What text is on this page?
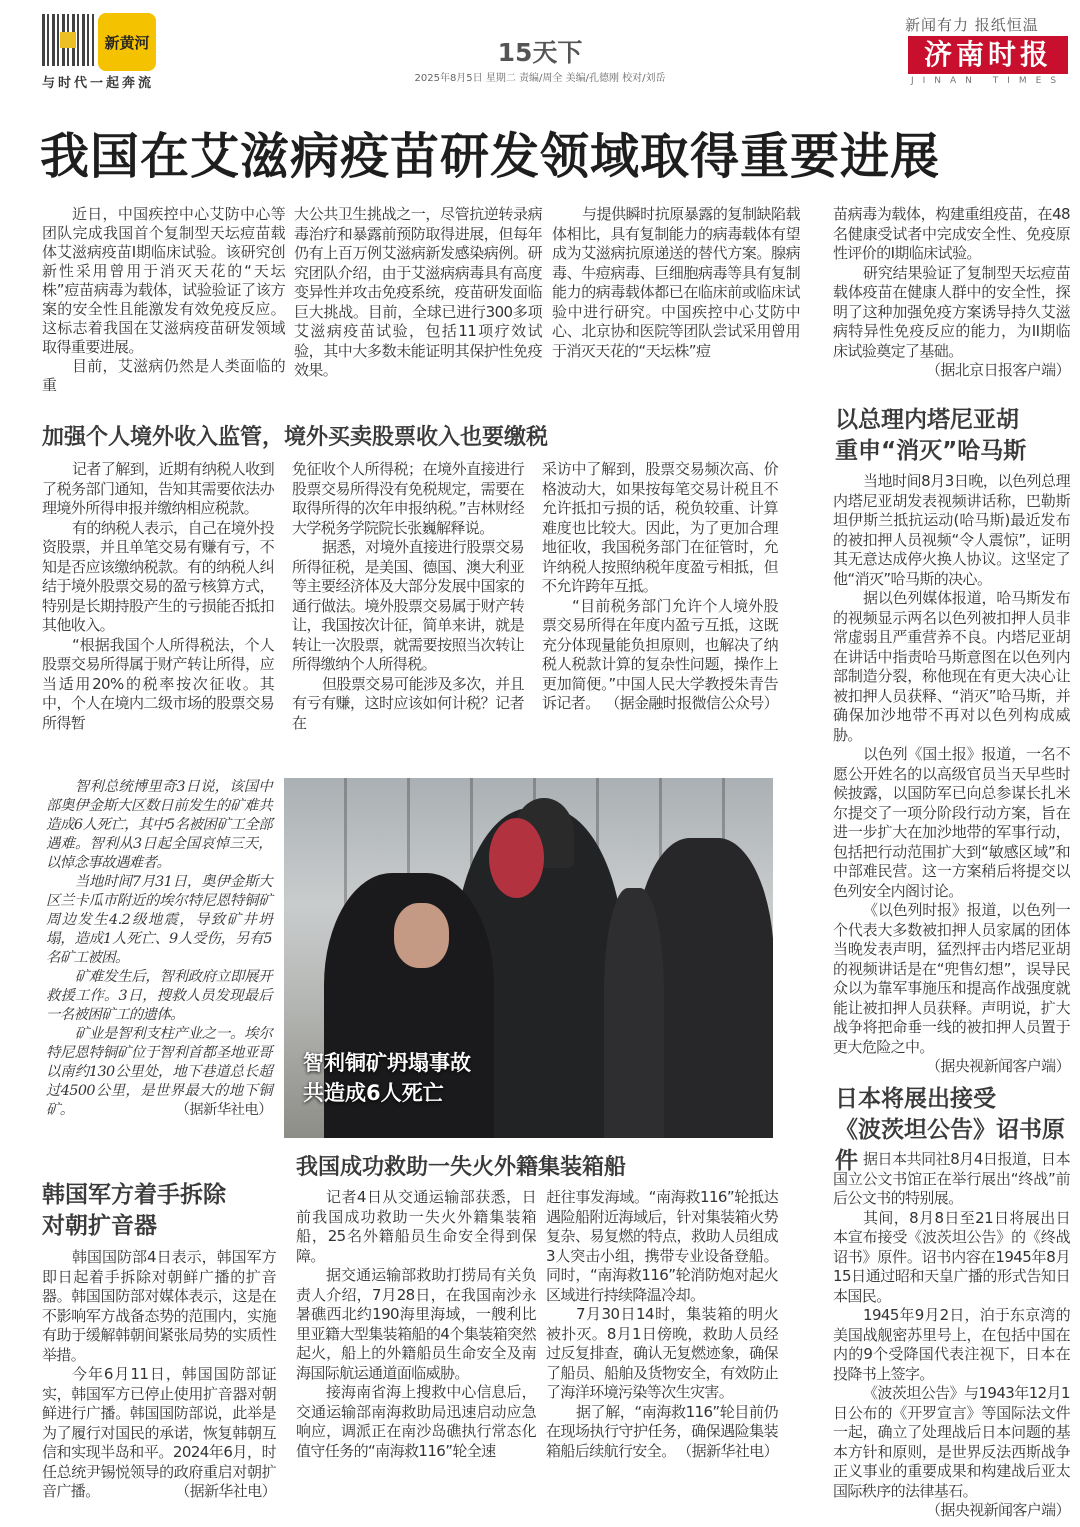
新黄河
与时代一起奔流
15天下
2025年8月5日 星期二 责编/周全 美编/孔德刚 校对/刘岳
新闻有力 报纸恒温
济南时报
JINAN TIMES
我国在艾滋病疫苗研发领域取得重要进展

近日，中国疾控中心艾防中心等团队完成我国首个复制型天坛痘苗载体艾滋病疫苗I期临床试验。该研究创新性采用曾用于消灭天花的“天坛株”痘苗病毒为载体，试验验证了该方案的安全性且能激发有效免疫反应。这标志着我国在艾滋病疫苗研发领域取得重要进展。

目前，艾滋病仍然是人类面临的重

大公共卫生挑战之一，尽管抗逆转录病毒治疗和暴露前预防取得进展，但每年仍有上百万例艾滋病新发感染病例。研究团队介绍，由于艾滋病病毒具有高度变异性并攻击免疫系统，疫苗研发面临巨大挑战。目前，全球已进行300多项艾滋病疫苗试验，包括11项疗效试验，其中大多数未能证明其保护性免疫效果。

与提供瞬时抗原暴露的复制缺陷载体相比，具有复制能力的病毒载体有望成为艾滋病抗原递送的替代方案。腺病毒、牛痘病毒、巨细胞病毒等具有复制能力的病毒载体都已在临床前或临床试验中进行研究。中国疾控中心艾防中心、北京协和医院等团队尝试采用曾用于消灭天花的“天坛株”痘

苗病毒为载体，构建重组疫苗，在48名健康受试者中完成安全性、免疫原性评价的I期临床试验。

研究结果验证了复制型天坛痘苗载体疫苗在健康人群中的安全性，探明了这种加强免疫方案诱导持久艾滋病特异性免疫反应的能力，为II期临床试验奠定了基础。
（据北京日报客户端）

加强个人境外收入监管，境外买卖股票收入也要缴税

记者了解到，近期有纳税人收到了税务部门通知，告知其需要依法办理境外所得申报并缴纳相应税款。

有的纳税人表示，自己在境外投资股票，并且单笔交易有赚有亏，不知是否应该缴纳税款。有的纳税人纠结于境外股票交易的盈亏核算方式，特别是长期持股产生的亏损能否抵扣其他收入。

“根据我国个人所得税法，个人股票交易所得属于财产转让所得，应当适用20%的税率按次征收。其中，个人在境内二级市场的股票交易所得暂

免征收个人所得税；在境外直接进行股票交易所得没有免税规定，需要在取得所得的次年申报纳税。”吉林财经大学税务学院院长张巍解释说。

据悉，对境外直接进行股票交易所得征税，是美国、德国、澳大利亚等主要经济体及大部分发展中国家的通行做法。境外股票交易属于财产转让，我国按次计征，简单来讲，就是转让一次股票，就需要按照当次转让所得缴纳个人所得税。

但股票交易可能涉及多次，并且有亏有赚，这时应该如何计税？记者在

采访中了解到，股票交易频次高、价格波动大，如果按每笔交易计税且不允许抵扣亏损的话，税负较重、计算难度也比较大。因此，为了更加合理地征收，我国税务部门在征管时，允许纳税人按照纳税年度盈亏相抵，但不允许跨年互抵。

“目前税务部门允许个人境外股票交易所得在年度内盈亏互抵，这既充分体现量能负担原则，也解决了纳税人税款计算的复杂性问题，操作上更加简便。”中国人民大学教授朱青告诉记者。 （据金融时报微信公众号）

以总理内塔尼亚胡
重申“消灭”哈马斯

当地时间8月3日晚，以色列总理内塔尼亚胡发表视频讲话称，巴勒斯坦伊斯兰抵抗运动(哈马斯)最近发布的被扣押人员视频“令人震惊”，证明其无意达成停火换人协议。这坚定了他“消灭”哈马斯的决心。

据以色列媒体报道，哈马斯发布的视频显示两名以色列被扣押人员非常虚弱且严重营养不良。内塔尼亚胡在讲话中指责哈马斯意图在以色列内部制造分裂，称他现在有更大决心让被扣押人员获释、“消灭”哈马斯，并确保加沙地带不再对以色列构成威胁。

以色列《国土报》报道，一名不愿公开姓名的以高级官员当天早些时候披露，以国防军已向总参谋长扎米尔提交了一项分阶段行动方案，旨在进一步扩大在加沙地带的军事行动，包括把行动范围扩大到“敏感区域”和中部难民营。这一方案稍后将提交以色列安全内阁讨论。

《以色列时报》报道，以色列一个代表大多数被扣押人员家属的团体当晚发表声明，猛烈抨击内塔尼亚胡的视频讲话是在“兜售幻想”，误导民众以为靠军事施压和提高作战强度就能让被扣押人员获释。声明说，扩大战争将把命垂一线的被扣押人员置于更大危险之中。
（据央视新闻客户端）

智利总统博里奇3日说，该国中部奥伊金斯大区数日前发生的矿难共造成6人死亡，其中5名被困矿工全部遇难。智利从3日起全国哀悼三天，以悼念事故遇难者。

当地时间7月31日，奥伊金斯大区兰卡瓜市附近的埃尔特尼恩特铜矿周边发生4.2级地震，导致矿井坍塌，造成1人死亡、9人受伤，另有5名矿工被困。

矿难发生后，智利政府立即展开救援工作。3日，搜救人员发现最后一名被困矿工的遗体。

矿业是智利支柱产业之一。埃尔特尼恩特铜矿位于智利首都圣地亚哥以南约130公里处，地下巷道总长超过4500公里，是世界最大的地下铜矿。	（据新华社电）

智利铜矿坍塌事故
共造成6人死亡	日本将展出接受
《波茨坦公告》诏书原件 据日本共同社8月4日报道，日本国立公文书馆正在举行展出“终战”前后公文书的特别展。

其间，8月8日至21日将展出日本宣布接受《波茨坦公告》的《终战诏书》原件。诏书内容在1945年8月15日通过昭和天皇广播的形式告知日本国民。

1945年9月2日，泊于东京湾的美国战舰密苏里号上，在包括中国在内的9个受降国代表注视下，日本在投降书上签字。

《波茨坦公告》与1943年12月1日公布的《开罗宣言》等国际法文件一起，确立了处理战后日本问题的基本方针和原则，是世界反法西斯战争正义事业的重要成果和构建战后亚太国际秩序的法律基石。
（据央视新闻客户端）

韩国军方着手拆除
对朝扩音器

韩国国防部4日表示，韩国军方即日起着手拆除对朝鲜广播的扩音器。韩国国防部对媒体表示，这是在不影响军方战备态势的范围内，实施有助于缓解韩朝间紧张局势的实质性举措。

今年6月11日，韩国国防部证实，韩国军方已停止使用扩音器对朝鲜进行广播。韩国国防部说，此举是为了履行对国民的承诺，恢复韩朝互信和实现半岛和平。2024年6月，时任总统尹锡悦领导的政府重启对朝扩音广播。	（据新华社电）

我国成功救助一失火外籍集装箱船

记者4日从交通运输部获悉，日前我国成功救助一失火外籍集装箱船，25名外籍船员生命安全得到保障。

据交通运输部救助打捞局有关负责人介绍，7月28日，在我国南沙永暑礁西北约190海里海域，一艘利比里亚籍大型集装箱船的4个集装箱突然起火，船上的外籍船员生命安全及南海国际航运通道面临威胁。

接海南省海上搜救中心信息后，交通运输部南海救助局迅速启动应急响应，调派正在南沙岛礁执行常态化值守任务的“南海救116”轮全速

赶往事发海域。“南海救116”轮抵达遇险船附近海域后，针对集装箱火势复杂、易复燃的特点，救助人员组成3人突击小组，携带专业设备登船。同时，“南海救116”轮消防炮对起火区域进行持续降温冷却。

7月30日14时，集装箱的明火被扑灭。8月1日傍晚，救助人员经过反复排查，确认无复燃迹象，确保了船员、船舶及货物安全，有效防止了海洋环境污染等次生灾害。

据了解，“南海救116”轮目前仍在现场执行守护任务，确保遇险集装箱船后续航行安全。 （据新华社电）
